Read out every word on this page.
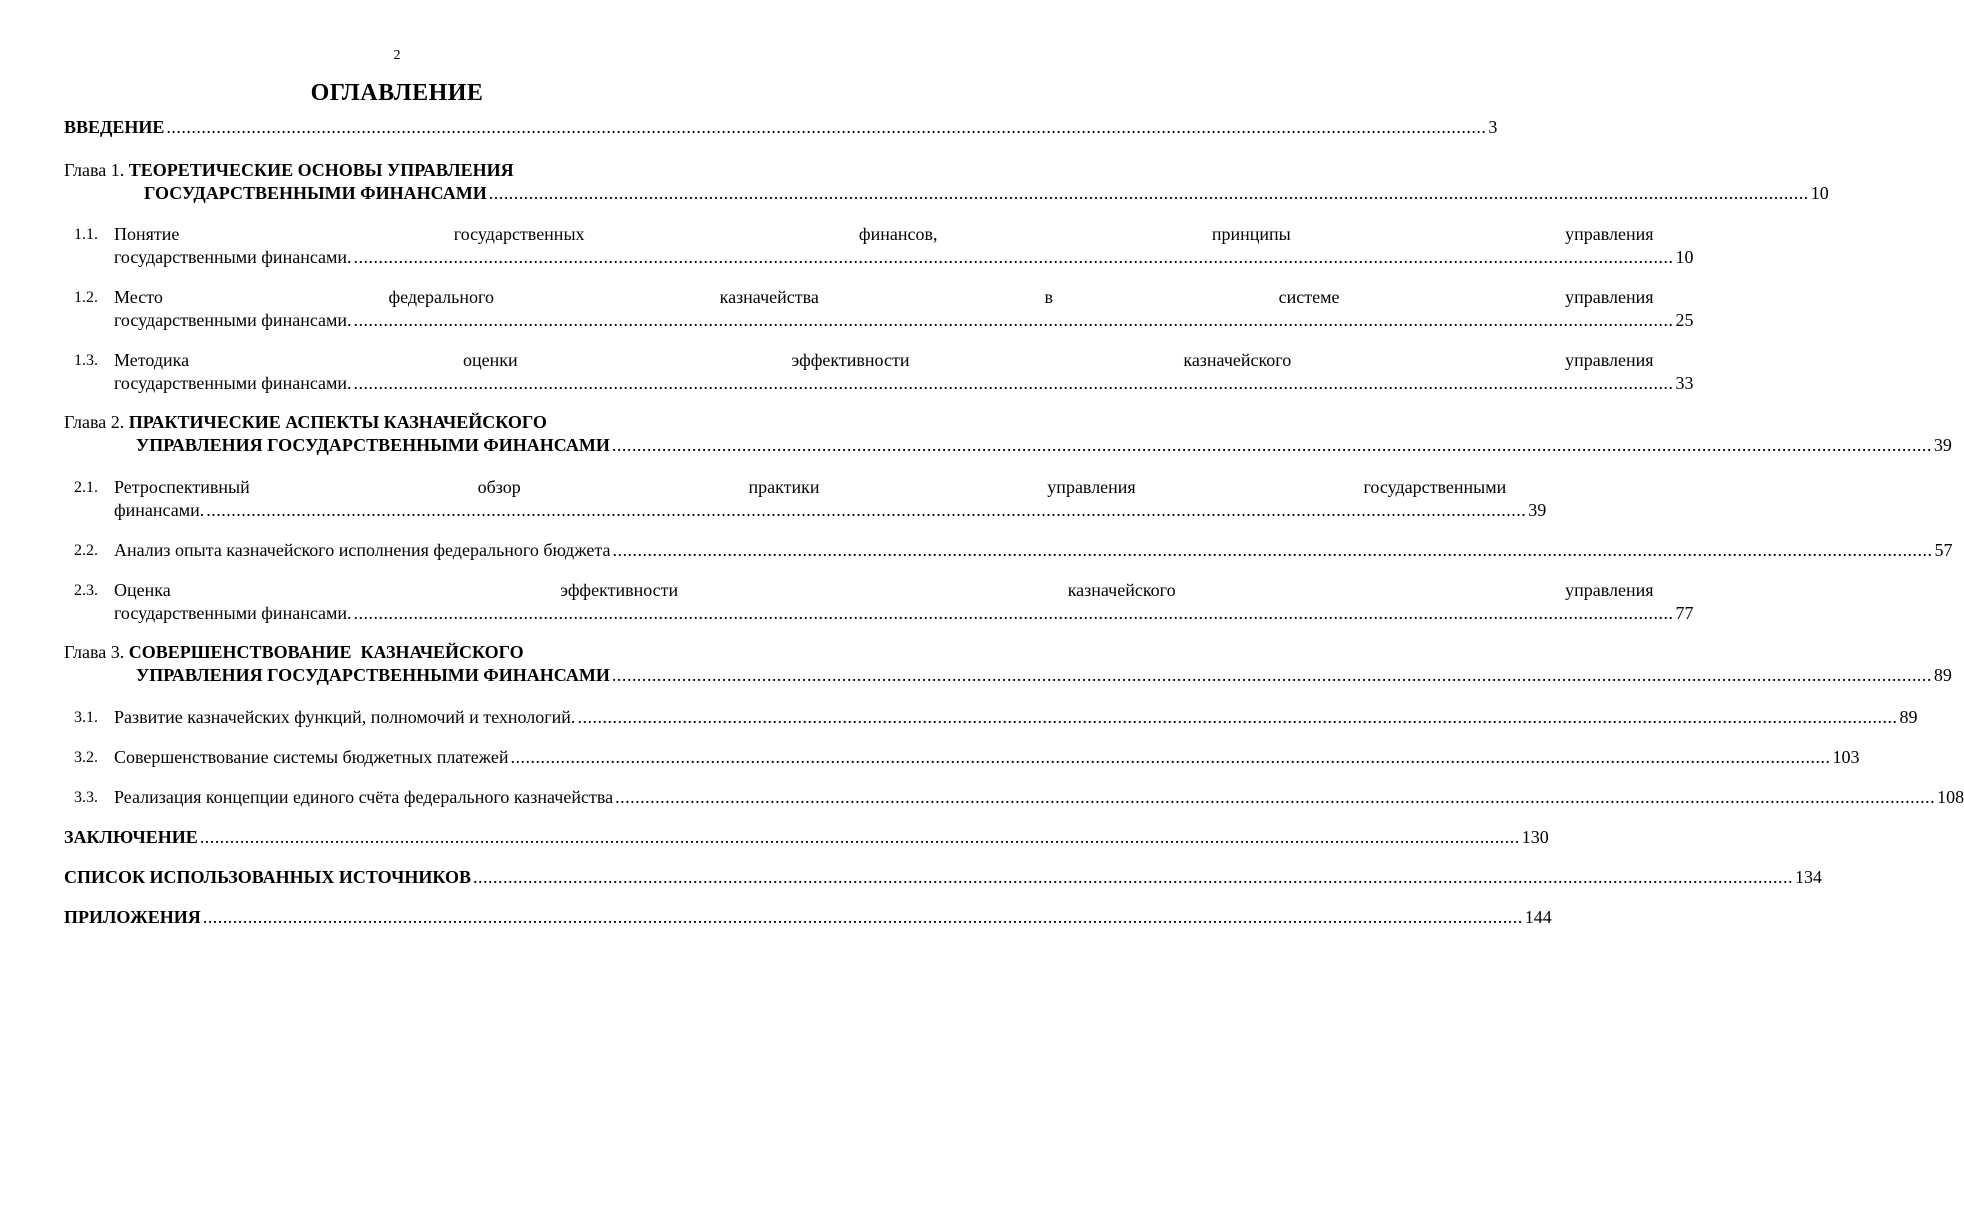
2
ОГЛАВЛЕНИЕ
ВВЕДЕНИЕ .....	3
Глава 1. ТЕОРЕТИЧЕСКИЕ ОСНОВЫ УПРАВЛЕНИЯ
ГОСУДАРСТВЕННЫМИ ФИНАНСАМИ .....	10
1.1. Понятие государственных финансов, принципы управления
государственными финансами. .....	10
1.2. Место федерального казначейства в системе управления
государственными финансами. .....	25
1.3. Методика оценки эффективности казначейского управления
государственными финансами. .....	33
Глава 2. ПРАКТИЧЕСКИЕ АСПЕКТЫ КАЗНАЧЕЙСКОГО
УПРАВЛЕНИЯ ГОСУДАРСТВЕННЫМИ ФИНАНСАМИ .....	39
2.1. Ретроспективный обзор практики управления государственными
финансами. .....	39
2.2. Анализ опыта казначейского исполнения федерального бюджета .....	57
2.3. Оценка эффективности казначейского управления
государственными финансами. .....	77
Глава 3. СОВЕРШЕНСТВОВАНИЕ  КАЗНАЧЕЙСКОГО
УПРАВЛЕНИЯ ГОСУДАРСТВЕННЫМИ ФИНАНСАМИ .....	89
3.1. Развитие казначейских функций, полномочий и технологий. .....	89
3.2. Совершенствование системы бюджетных платежей .....	103
3.3. Реализация концепции единого счёта федерального казначейства .....	108
ЗАКЛЮЧЕНИЕ .....	130
СПИСОК ИСПОЛЬЗОВАННЫХ ИСТОЧНИКОВ .....	134
ПРИЛОЖЕНИЯ .....	144
